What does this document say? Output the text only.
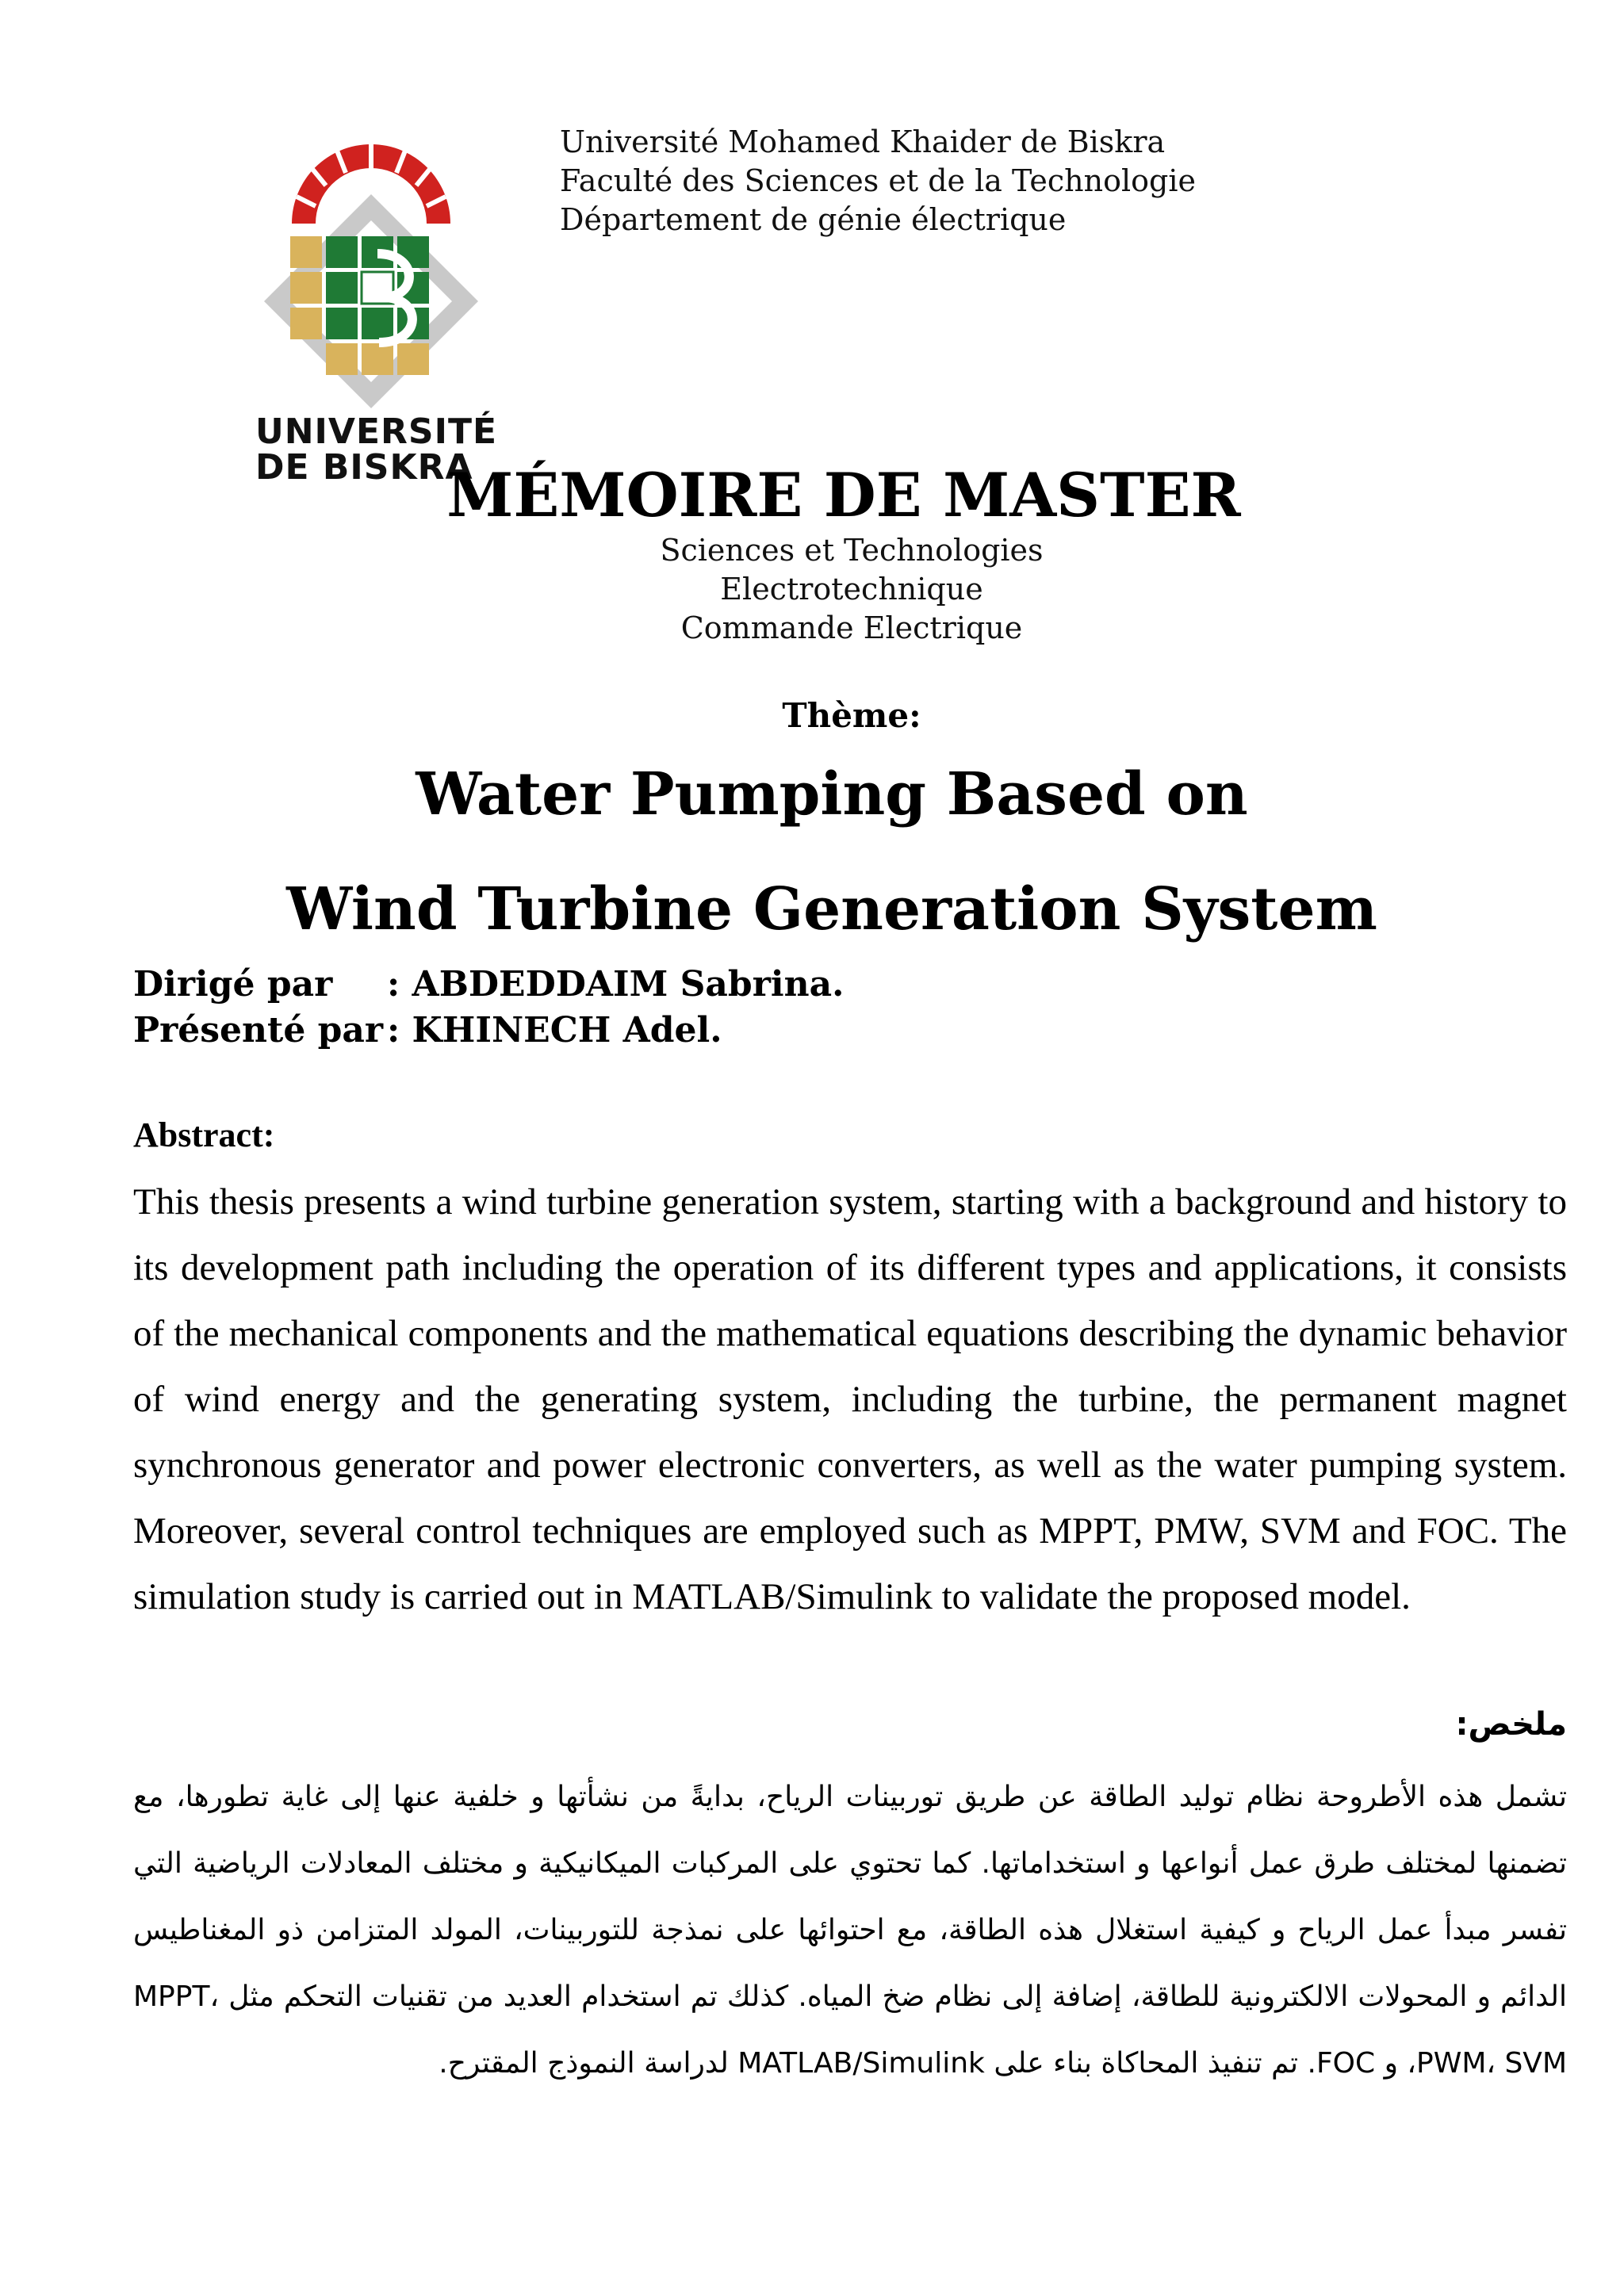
UNIVERSITÉ
DE BISKRA
Université Mohamed Khaider de Biskra
Faculté des Sciences et de la Technologie
Département de génie électrique
MÉMOIRE DE MASTER
Sciences et Technologies
Electrotechnique
Commande Electrique
Thème:
Water Pumping Based on
Wind Turbine Generation System
Dirigé par	: ABDEDDAIM Sabrina.
Présenté par : KHINECH Adel.
Abstract:
This thesis presents a wind turbine generation system, starting with a background and history to its development path including the operation of its different types and applications, it consists of the mechanical components and the mathematical equations describing the dynamic behavior of wind energy and the generating system, including the turbine, the permanent magnet synchronous generator and power electronic converters, as well as the water pumping system. Moreover, several control techniques are employed such as MPPT, PMW, SVM and FOC. The simulation study is carried out in MATLAB/Simulink to validate the proposed model.
ملخص:
تشمل هذه الأطروحة نظام توليد الطاقة عن طريق توربينات الرياح، بدايةً من نشأتها و خلفية عنها إلى غاية تطورها، مع تضمنها لمختلف طرق عمل أنواعها و استخداماتها. كما تحتوي على المركبات الميكانيكية و مختلف المعادلات الرياضية التي تفسر مبدأ عمل الرياح و كيفية استغلال هذه الطاقة، مع احتوائها على نمذجة للتوربينات، المولد المتزامن ذو المغناطيس الدائم و المحولات الالكترونية للطاقة، إضافة إلى نظام ضخ المياه. كذلك تم استخدام العديد من تقنيات التحكم مثل MPPT، PWM، SVM، و FOC. تم تنفيذ المحاكاة بناء على MATLAB/Simulink لدراسة النموذج المقترح.
